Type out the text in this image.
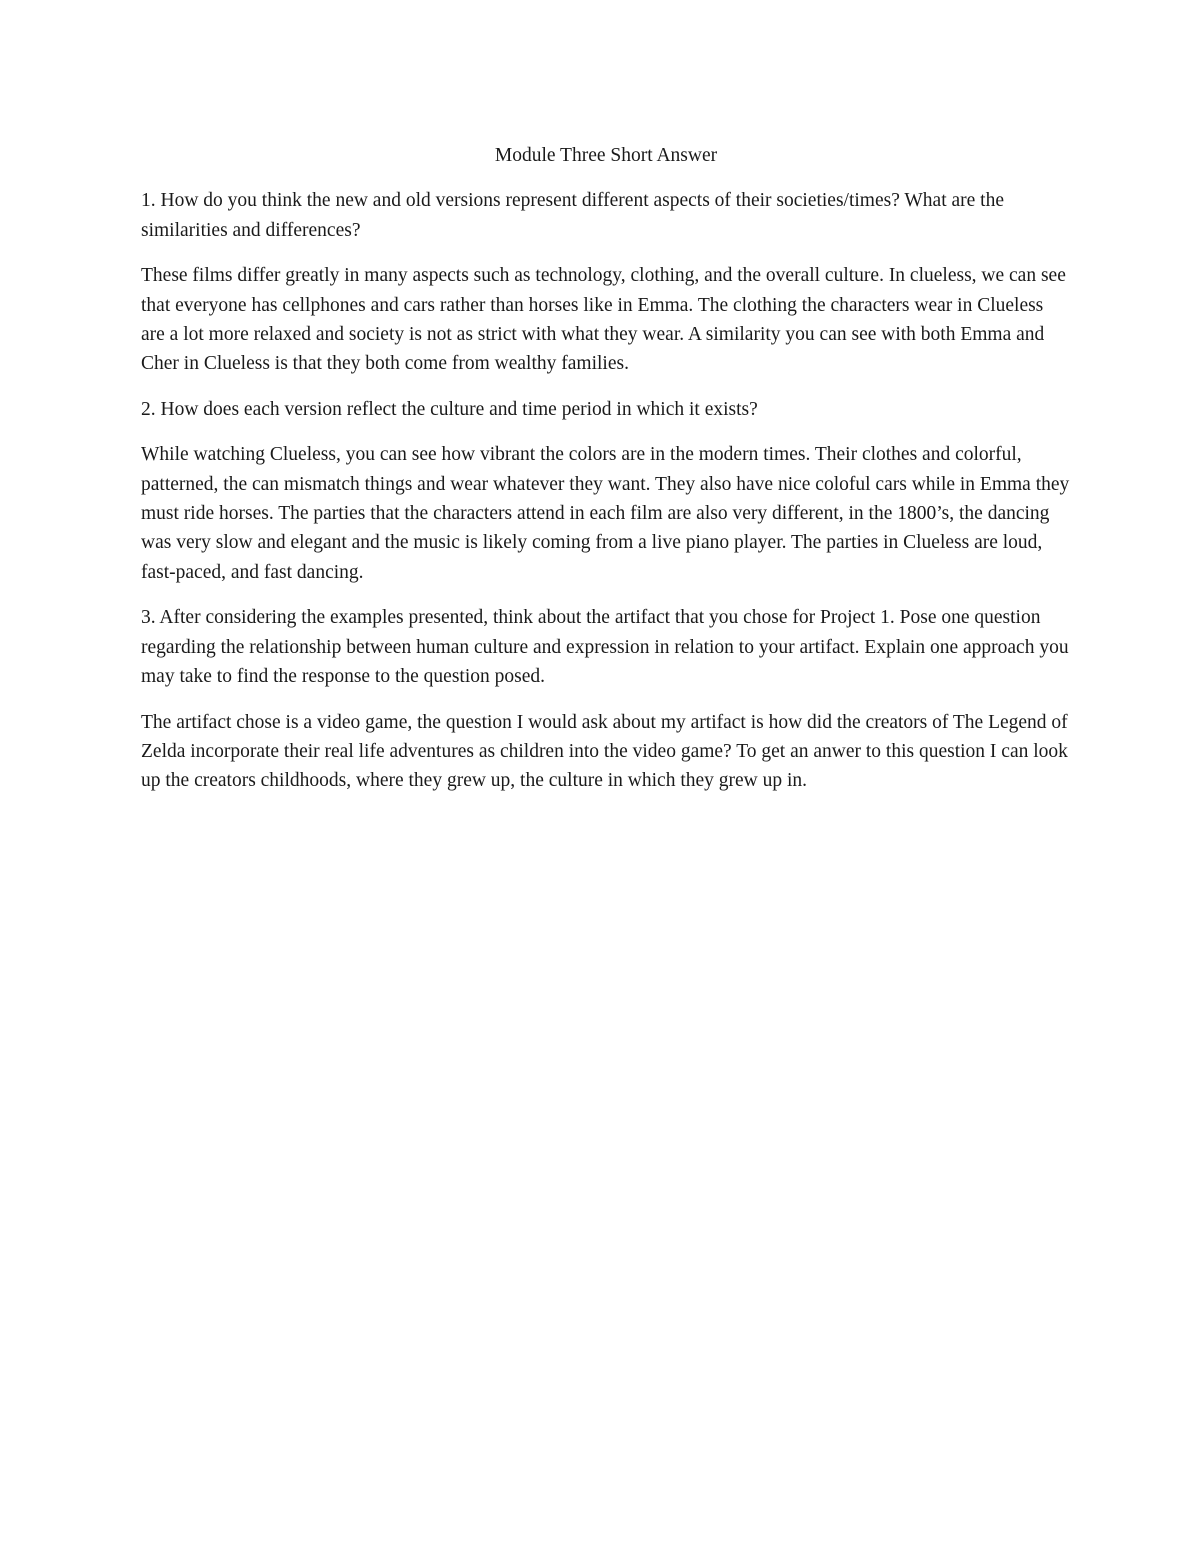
Module Three Short Answer

1. How do you think the new and old versions represent different aspects of their societies/times? What are the similarities and differences?

These films differ greatly in many aspects such as technology, clothing, and the overall culture. In clueless, we can see that everyone has cellphones and cars rather than horses like in Emma. The clothing the characters wear in Clueless are a lot more relaxed and society is not as strict with what they wear. A similarity you can see with both Emma and Cher in Clueless is that they both come from wealthy families.

2. How does each version reflect the culture and time period in which it exists?

While watching Clueless, you can see how vibrant the colors are in the modern times. Their clothes and colorful, patterned, the can mismatch things and wear whatever they want. They also have nice coloful cars while in Emma they must ride horses. The parties that the characters attend in each film are also very different, in the 1800’s, the dancing was very slow and elegant and the music is likely coming from a live piano player. The parties in Clueless are loud, fast-paced, and fast dancing.

3. After considering the examples presented, think about the artifact that you chose for Project 1. Pose one question regarding the relationship between human culture and expression in relation to your artifact. Explain one approach you may take to find the response to the question posed.

The artifact chose is a video game, the question I would ask about my artifact is how did the creators of The Legend of Zelda incorporate their real life adventures as children into the video game? To get an anwer to this question I can look up the creators childhoods, where they grew up, the culture in which they grew up in.
